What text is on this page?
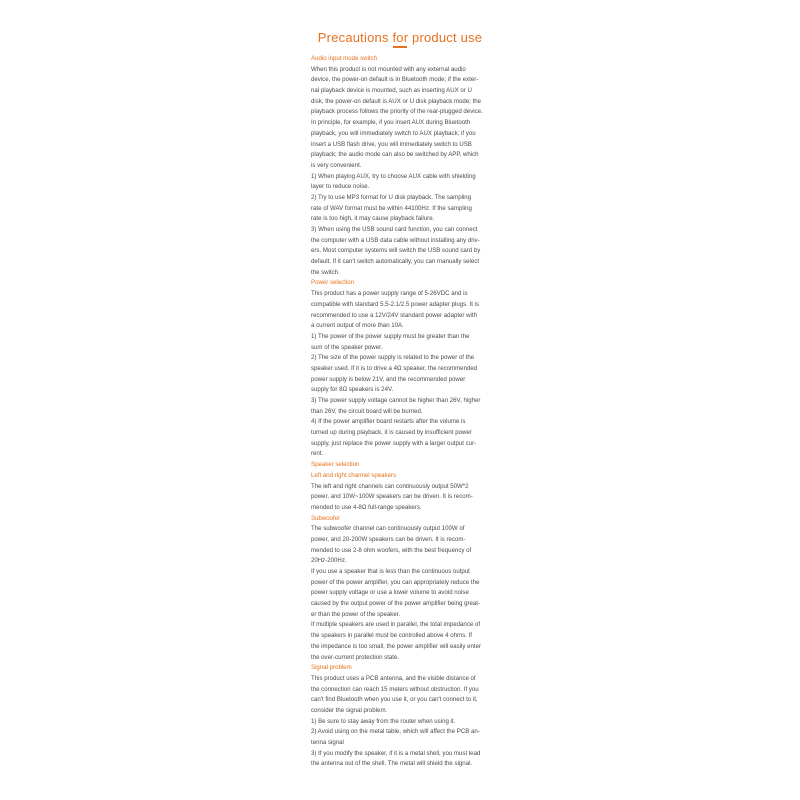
Precautions for product use
Audio input mode switch
When this product is not mounted with any external audio
device, the power-on default is in Bluetooth mode; if the exter-
nal playback device is mounted, such as inserting AUX or U
disk, the power-on default is AUX or U disk playback mode; the
playback process follows the priority of the rear-plugged device.
In principle, for example, if you insert AUX during Bluetooth
playback, you will immediately switch to AUX playback; if you
insert a USB flash drive, you will immediately switch to USB
playback; the audio mode can also be switched by APP, which
is very convenient.
1) When playing AUX, try to choose AUX cable with shielding
layer to reduce noise.
2) Try to use MP3 format for U disk playback. The sampling
rate of WAV format must be within 44100Hz. If the sampling
rate is too high, it may cause playback failure.
3) When using the USB sound card function, you can connect
the computer with a USB data cable without installing any driv-
ers. Most computer systems will switch the USB sound card by
default. If it can't switch automatically, you can manually select
the switch.
Power selection
This product has a power supply range of 5-26VDC and is
compatible with standard 5.5-2.1/2.5 power adapter plugs. It is
recommended to use a 12V/24V standard power adapter with
a current output of more than 10A.
1) The power of the power supply must be greater than the
sum of the speaker power.
2) The size of the power supply is related to the power of the
speaker used. If it is to drive a 4Ω speaker, the recommended
power supply is below 21V, and the recommended power
supply for 8Ω speakers is 24V.
3) The power supply voltage cannot be higher than 26V, higher
than 26V, the circuit board will be burned.
4) If the power amplifier board restarts after the volume is
turned up during playback, it is caused by insufficient power
supply, just replace the power supply with a larger output cur-
rent.
Speaker selection
Left and right channel speakers
The left and right channels can continuously output 50W*2
power, and 10W~100W speakers can be driven. It is recom-
mended to use 4-8Ω full-range speakers.
Subwoofer
The subwoofer channel can continuously output 100W of
power, and 20-200W speakers can be driven. It is recom-
mended to use 2-8 ohm woofers, with the best frequency of
20Hz-200Hz.
If you use a speaker that is less than the continuous output
power of the power amplifier, you can appropriately reduce the
power supply voltage or use a lower volume to avoid noise
caused by the output power of the power amplifier being great-
er than the power of the speaker.
If multiple speakers are used in parallel, the total impedance of
the speakers in parallel must be controlled above 4 ohms. If
the impedance is too small, the power amplifier will easily enter
the over-current protection state.
Signal problem
This product uses a PCB antenna, and the visible distance of
the connection can reach 15 meters without obstruction. If you
can't find Bluetooth when you use it, or you can't connect to it,
consider the signal problem.
1) Be sure to stay away from the router when using it.
2) Avoid using on the metal table, which will affect the PCB an-
tenna signal
3) If you modify the speaker, if it is a metal shell, you must lead
the antenna out of the shell. The metal will shield the signal.
